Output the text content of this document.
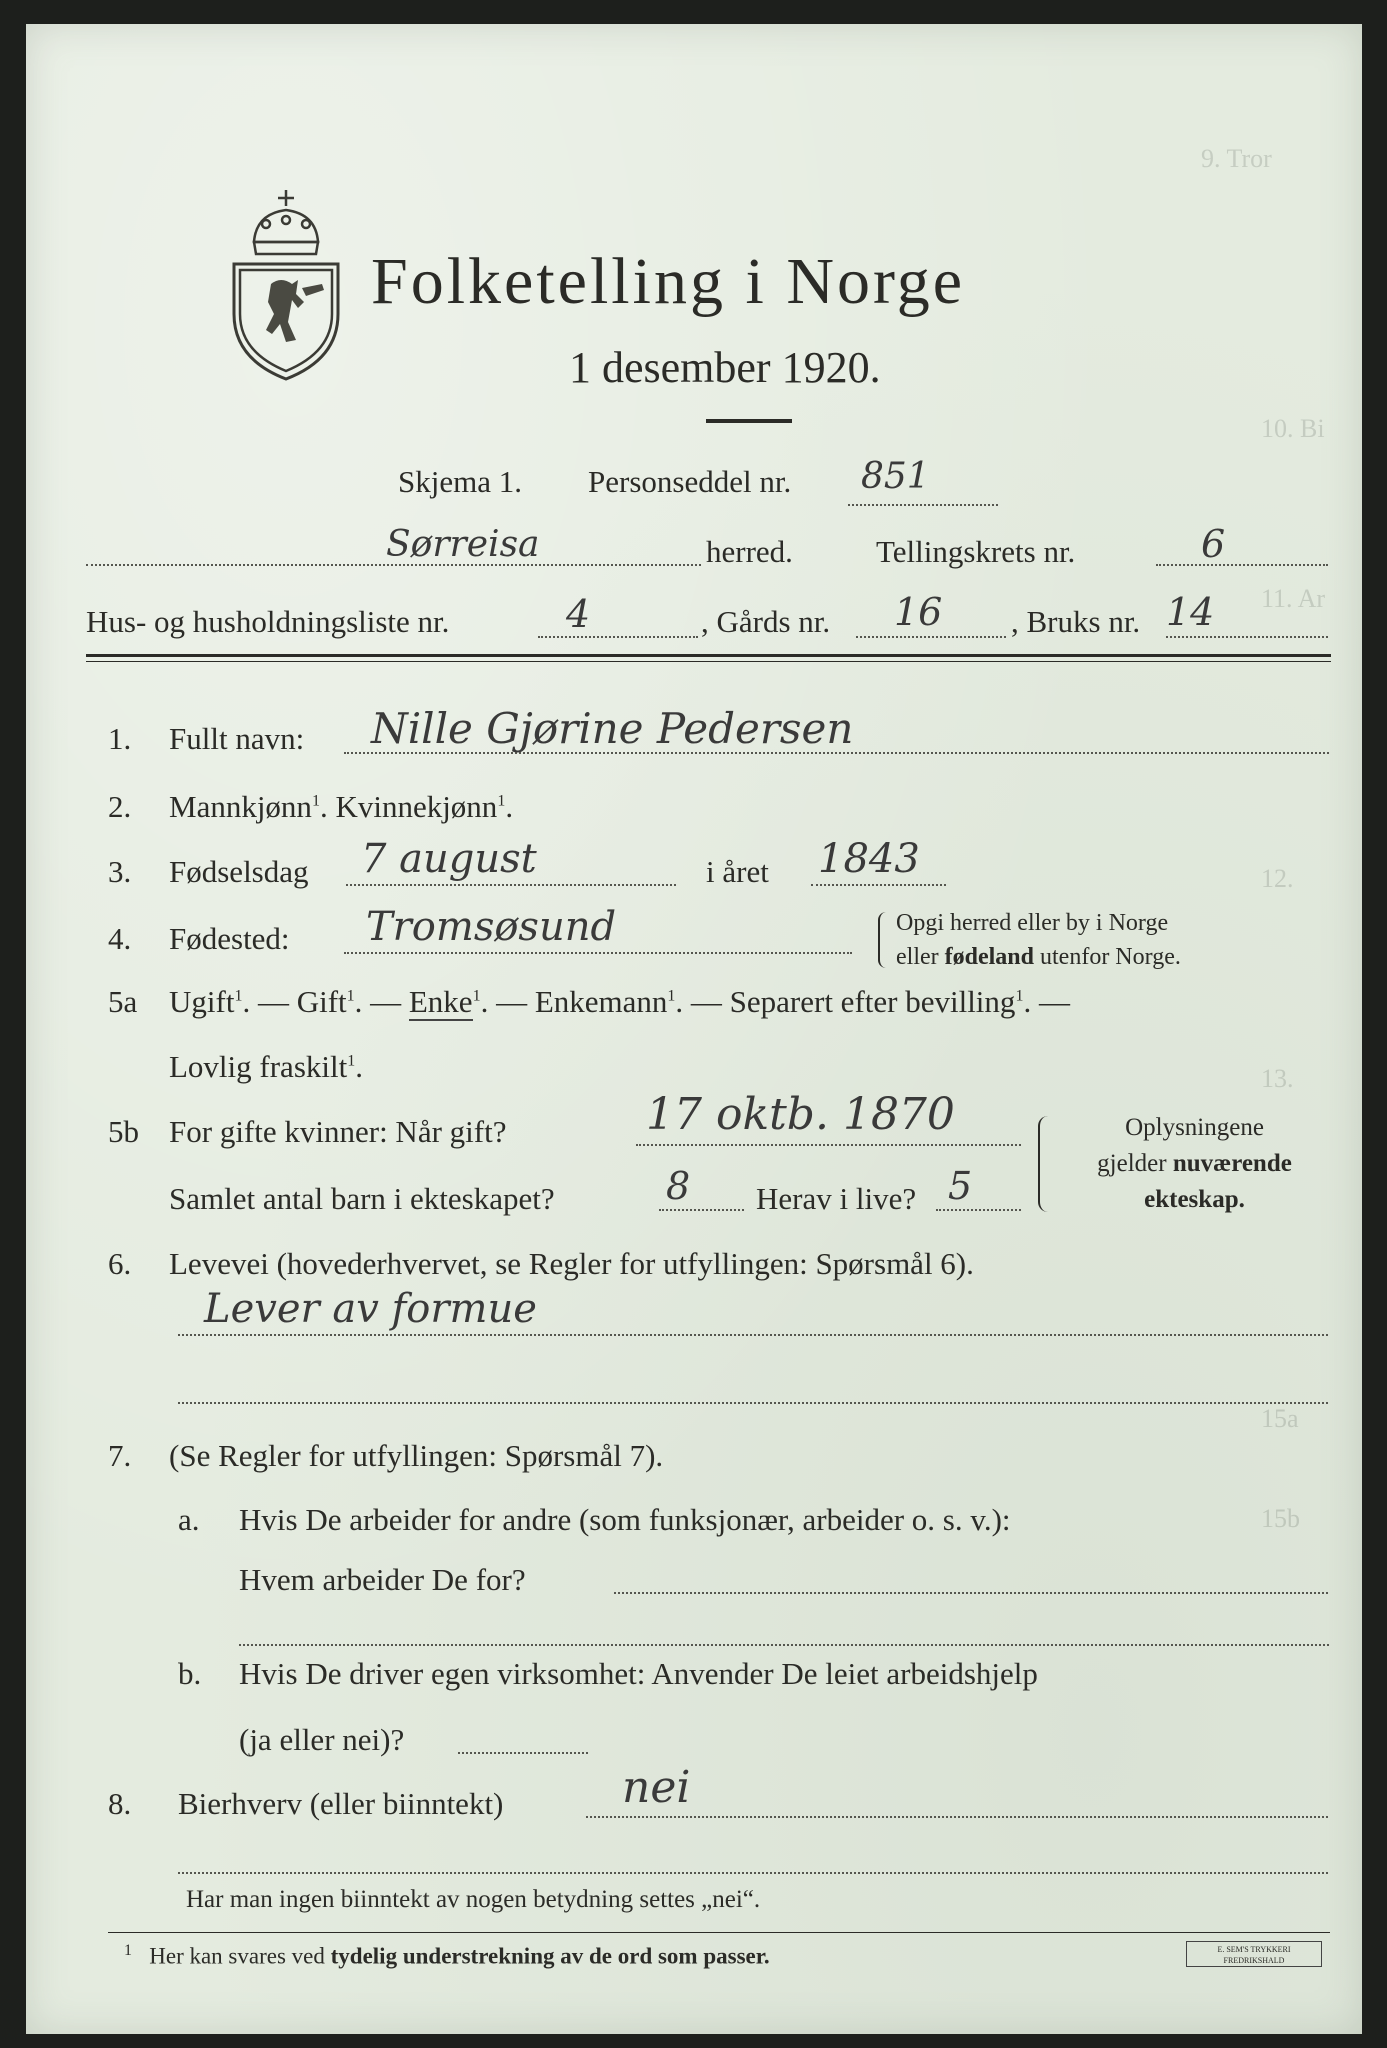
9. Tror
10. Bi
11. Ar
12.
13.
15a
15b
Folketelling i Norge
1 desember 1920.
Skjema 1. Personseddel nr. 851
Sørreisa	herred.	Tellingskrets nr.	6
Hus- og husholdningsliste nr.	4	, Gårds nr. 16 , Bruks nr. 14
1. Fullt navn: Nille Gjørine Pedersen
2. Mannkjønn$^1$. Kvinnekjønn$^1$.
3. Fødselsdag 7 august	i året 1843
4. Fødested: Tromsøsund	Opgi herred eller by i Norge
eller fødeland utenfor Norge.
5a Ugift$^1$. — Gift$^1$. — Enke$^1$. — Enkemann$^1$. — Separert efter bevilling$^1$. —
Lovlig fraskilt$^1$.
5b For gifte kvinner: Når gift?	17 oktb. 1870
Samlet antal barn i ekteskapet?	8 Herav i live? 5
Oplysningene
gjelder nuværende
ekteskap.
6. Levevei (hovederhvervet, se Regler for utfyllingen: Spørsmål 6).
Lever av formue
7. (Se Regler for utfyllingen: Spørsmål 7).
a. Hvis De arbeider for andre (som funksjonær, arbeider o. s. v.):
Hvem arbeider De for?
b. Hvis De driver egen virksomhet: Anvender De leiet arbeidshjelp
(ja eller nei)?
8. Bierhverv (eller biinntekt)	nei
Har man ingen biinntekt av nogen betydning settes „nei“.
$^1$ Her kan svares ved tydelig understrekning av de ord som passer.	E. SEM'S TRYKKERI FREDRIKSHALD
